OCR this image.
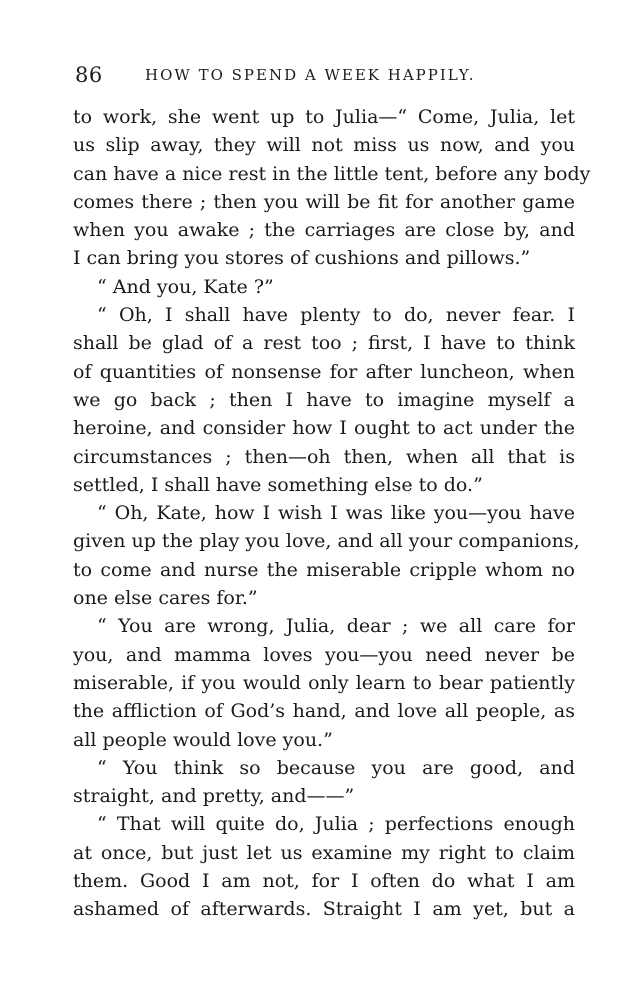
86	HOW TO SPEND A WEEK HAPPILY.
to work, she went up to Julia—“ Come, Julia, let
us slip away, they will not miss us now, and you
can have a nice rest in the little tent, before any body
comes there ; then you will be fit for another game
when you awake ; the carriages are close by, and
I can bring you stores of cushions and pillows.”
“ And you, Kate ?”
“ Oh, I shall have plenty to do, never fear. I
shall be glad of a rest too ; first, I have to think
of quantities of nonsense for after luncheon, when
we go back ; then I have to imagine myself a
heroine, and consider how I ought to act under the
circumstances ; then—oh then, when all that is
settled, I shall have something else to do.”
“ Oh, Kate, how I wish I was like you—you have
given up the play you love, and all your companions,
to come and nurse the miserable cripple whom no
one else cares for.”
“ You are wrong, Julia, dear ; we all care for
you, and mamma loves you—you need never be
miserable, if you would only learn to bear patiently
the affliction of God’s hand, and love all people, as
all people would love you.”
“ You think so because you are good, and
straight, and pretty, and——”
“ That will quite do, Julia ; perfections enough
at once, but just let us examine my right to claim
them. Good I am not, for I often do what I am
ashamed of afterwards. Straight I am yet, but a
